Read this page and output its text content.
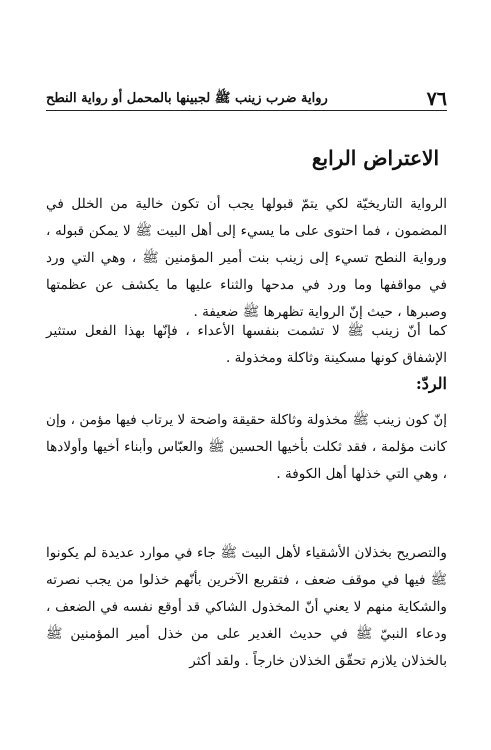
٧٦
رواية ضرب زينب ﷺ لجبينها بالمحمل أو رواية النطح
الاعتراض الرابع

الرواية التاريخيّة لكي يتمّ قبولها يجب أن تكون خالية من الخلل في المضمون ، فما احتوى على ما يسيء إلى أهل البيت ﷺ لا يمكن قبوله ، ورواية النطح تسيء إلى زينب بنت أمير المؤمنين ﷺ ، وهي التي ورد في مواقفها وما ورد في مدحها والثناء عليها ما يكشف عن عظمتها وصبرها ، حيث إنّ الرواية تظهرها ﷺ ضعيفة .

كما أنّ زينب ﷺ لا تشمت بنفسها الأعداء ، فإنّها بهذا الفعل ستثير الإشفاق كونها مسكينة وثاكلة ومخذولة .

الردّ:

إنّ كون زينب ﷺ مخذولة وثاكلة حقيقة واضحة لا يرتاب فيها مؤمن ، وإن كانت مؤلمة ، فقد ثكلت بأخيها الحسين ﷺ والعبّاس وأبناء أخيها وأولادها ، وهي التي خذلها أهل الكوفة .

والتصريح بخذلان الأشقياء لأهل البيت ﷺ جاء في موارد عديدة لم يكونوا ﷺ فيها في موقف ضعف ، فتقريع الآخرين بأنّهم خذلوا من يجب نصرته والشكاية منهم لا يعني أنّ المخذول الشاكي قد أوقع نفسه في الضعف ، ودعاء النبيّ ﷺ في حديث الغدير على من خذل أمير المؤمنين ﷺ بالخذلان يلازم تحقّق الخذلان خارجاً . ولقد أكثر
